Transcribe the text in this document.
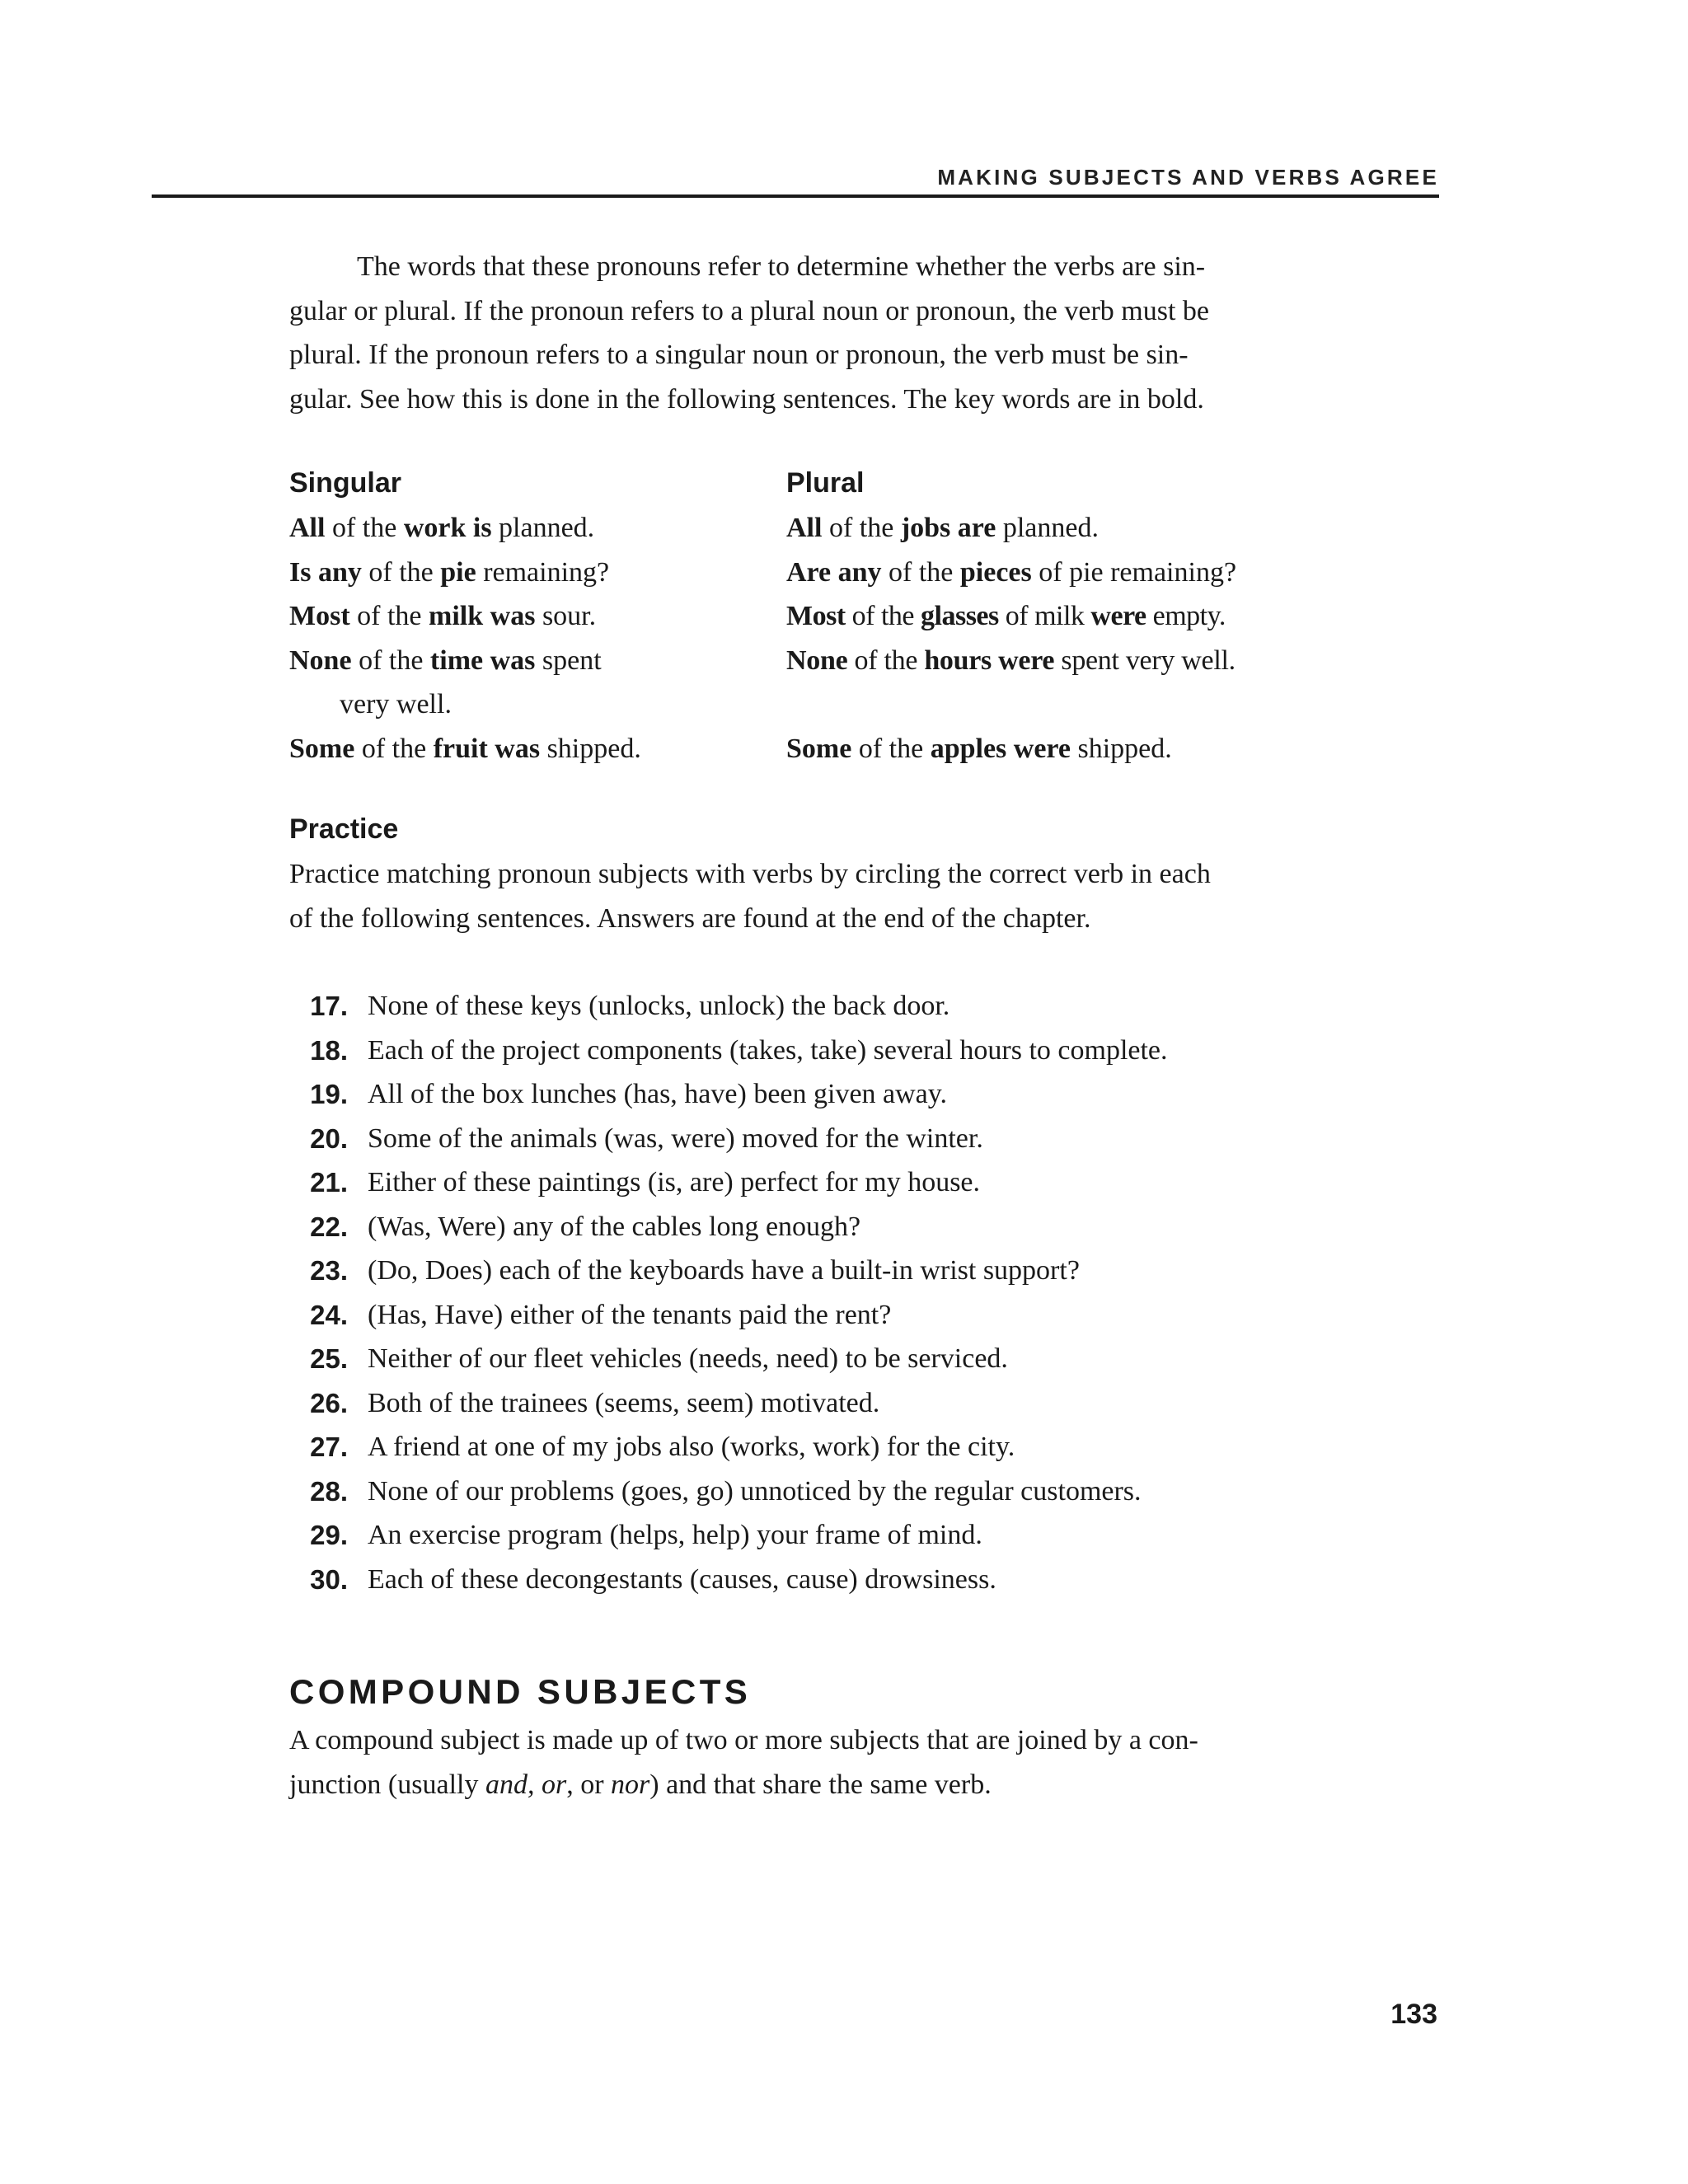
MAKING SUBJECTS AND VERBS AGREE
The words that these pronouns refer to determine whether the verbs are sin-
gular or plural. If the pronoun refers to a plural noun or pronoun, the verb must be
plural. If the pronoun refers to a singular noun or pronoun, the verb must be sin-
gular. See how this is done in the following sentences. The key words are in bold.
Singular	Plural
All of the work is planned.
Is any of the pie remaining?
Most of the milk was sour.
None of the time was spent
very well.
Some of the fruit was shipped.
All of the jobs are planned.
Are any of the pieces of pie remaining?
Most of the glasses of milk were empty.
None of the hours were spent very well.
Some of the apples were shipped.
Practice
Practice matching pronoun subjects with verbs by circling the correct verb in each
of the following sentences. Answers are found at the end of the chapter.
17. None of these keys (unlocks, unlock) the back door.
18. Each of the project components (takes, take) several hours to complete.
19. All of the box lunches (has, have) been given away.
20. Some of the animals (was, were) moved for the winter.
21. Either of these paintings (is, are) perfect for my house.
22. (Was, Were) any of the cables long enough?
23. (Do, Does) each of the keyboards have a built-in wrist support?
24. (Has, Have) either of the tenants paid the rent?
25. Neither of our fleet vehicles (needs, need) to be serviced.
26. Both of the trainees (seems, seem) motivated.
27. A friend at one of my jobs also (works, work) for the city.
28. None of our problems (goes, go) unnoticed by the regular customers.
29. An exercise program (helps, help) your frame of mind.
30. Each of these decongestants (causes, cause) drowsiness.
COMPOUND SUBJECTS
A compound subject is made up of two or more subjects that are joined by a con-
junction (usually and, or, or nor) and that share the same verb.
133
